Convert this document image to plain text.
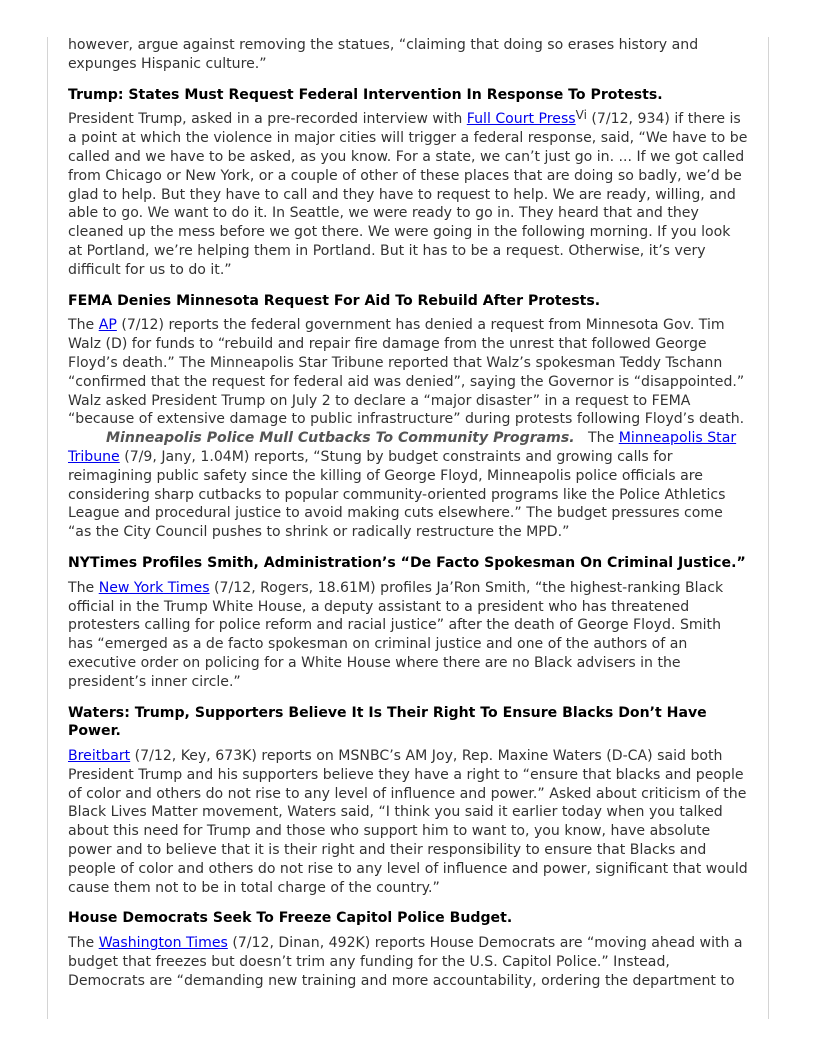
however, argue against removing the statues, “claiming that doing so erases history and expunges Hispanic culture.”

Trump: States Must Request Federal Intervention In Response To Protests.

President Trump, asked in a pre-recorded interview with Full Court Press$^{Vi}$ (7/12, 934) if there is a point at which the violence in major cities will trigger a federal response, said, “We have to be called and we have to be asked, as you know. For a state, we can’t just go in. ... If we got called from Chicago or New York, or a couple of other of these places that are doing so badly, we’d be glad to help. But they have to call and they have to request to help. We are ready, willing, and able to go. We want to do it. In Seattle, we were ready to go in. They heard that and they cleaned up the mess before we got there. We were going in the following morning. If you look at Portland, we’re helping them in Portland. But it has to be a request. Otherwise, it’s very difficult for us to do it.”

FEMA Denies Minnesota Request For Aid To Rebuild After Protests.

The AP (7/12) reports the federal government has denied a request from Minnesota Gov. Tim Walz (D) for funds to “rebuild and repair fire damage from the unrest that followed George Floyd’s death.” The Minneapolis Star Tribune reported that Walz’s spokesman Teddy Tschann “confirmed that the request for federal aid was denied”, saying the Governor is “disappointed.” Walz asked President Trump on July 2 to declare a “major disaster” in a request to FEMA “because of extensive damage to public infrastructure” during protests following Floyd’s death.

Minneapolis Police Mull Cutbacks To Community Programs.   The Minneapolis Star Tribune (7/9, Jany, 1.04M) reports, “Stung by budget constraints and growing calls for reimagining public safety since the killing of George Floyd, Minneapolis police officials are considering sharp cutbacks to popular community-oriented programs like the Police Athletics League and procedural justice to avoid making cuts elsewhere.” The budget pressures come “as the City Council pushes to shrink or radically restructure the MPD.”

NYTimes Profiles Smith, Administration’s “De Facto Spokesman On Criminal Justice.”

The New York Times (7/12, Rogers, 18.61M) profiles Ja’Ron Smith, “the highest-ranking Black official in the Trump White House, a deputy assistant to a president who has threatened protesters calling for police reform and racial justice” after the death of George Floyd. Smith has “emerged as a de facto spokesman on criminal justice and one of the authors of an executive order on policing for a White House where there are no Black advisers in the president’s inner circle.”

Waters: Trump, Supporters Believe It Is Their Right To Ensure Blacks Don’t Have Power.

Breitbart (7/12, Key, 673K) reports on MSNBC’s AM Joy, Rep. Maxine Waters (D-CA) said both President Trump and his supporters believe they have a right to “ensure that blacks and people of color and others do not rise to any level of influence and power.” Asked about criticism of the Black Lives Matter movement, Waters said, “I think you said it earlier today when you talked about this need for Trump and those who support him to want to, you know, have absolute power and to believe that it is their right and their responsibility to ensure that Blacks and people of color and others do not rise to any level of influence and power, significant that would cause them not to be in total charge of the country.”

House Democrats Seek To Freeze Capitol Police Budget.

The Washington Times (7/12, Dinan, 492K) reports House Democrats are “moving ahead with a budget that freezes but doesn’t trim any funding for the U.S. Capitol Police.” Instead, Democrats are “demanding new training and more accountability, ordering the department to
